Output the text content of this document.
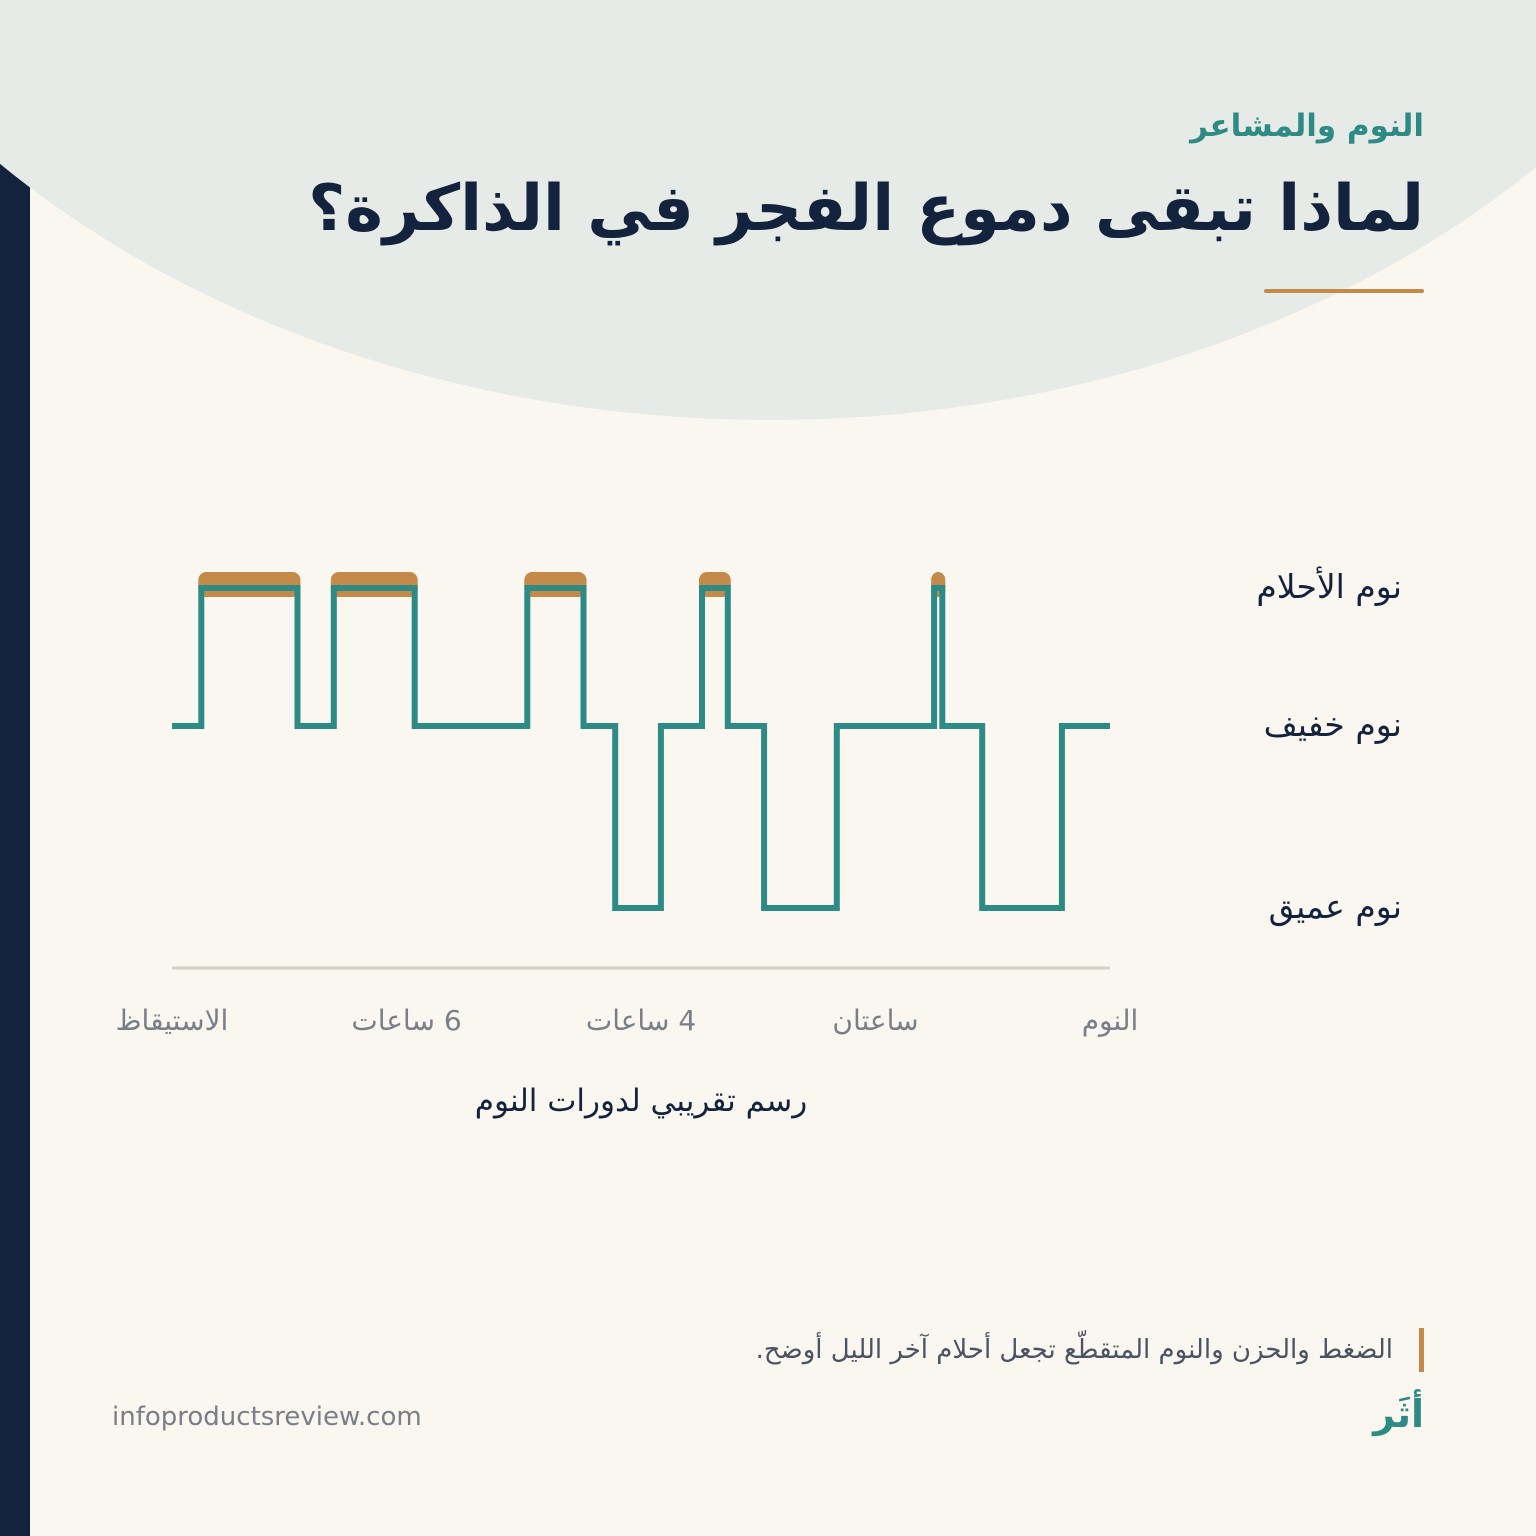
النوم والمشاعر
لماذا تبقى دموع الفجر في الذاكرة؟
نوم الأحلام
نوم خفيف
نوم عميق
النوم
ساعتان
4 ساعات
6 ساعات
الاستيقاظ
رسم تقريبي لدورات النوم
الضغط والحزن والنوم المتقطّع تجعل أحلام آخر الليل أوضح.
infoproductsreview.com	أثَر
